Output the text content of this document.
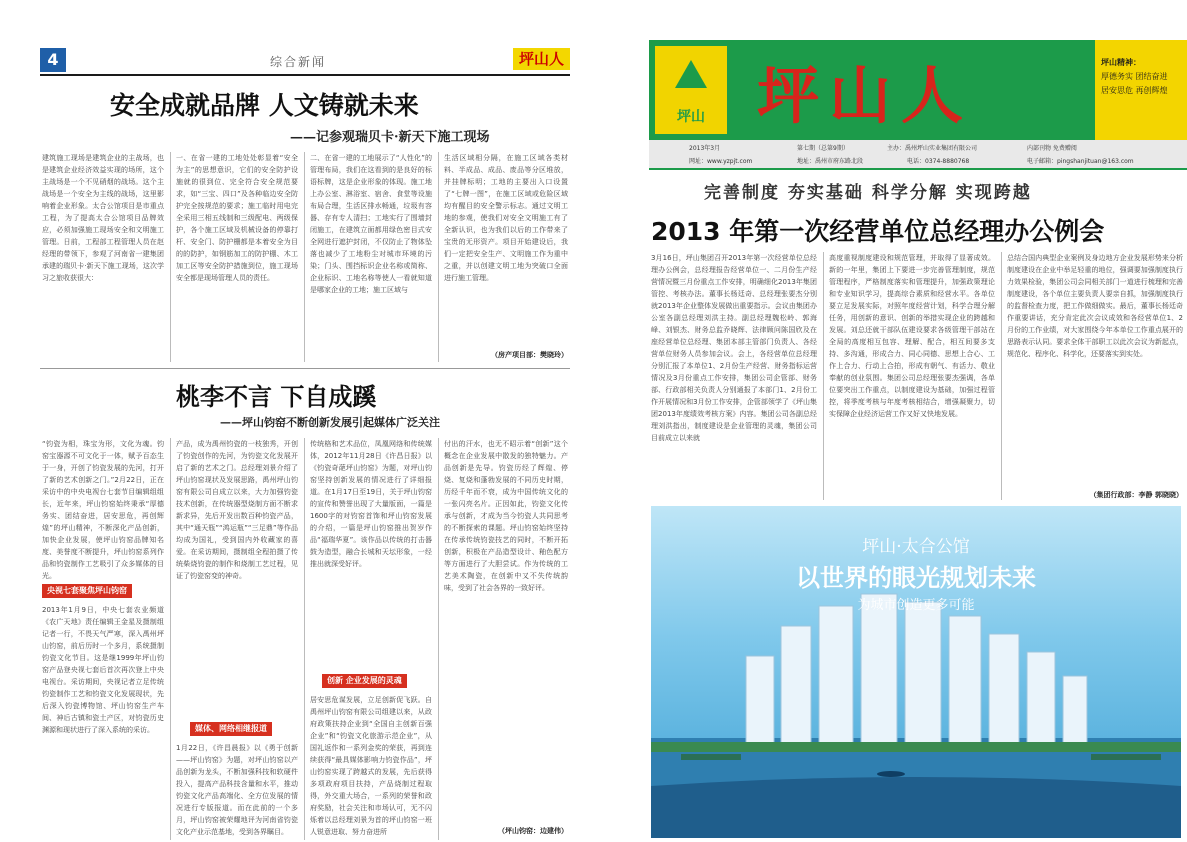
4	综合新闻	坪山人
安全成就品牌 人文铸就未来
——记参观瑞贝卡·新天下施工现场
建筑施工现场是建筑企业的主战场，也是建筑企业经济效益实现的场所，这个主战场是一个不见硝烟的战场。这个主战场是一个安全为主线的战场，这里影响着企业形象。太合公馆项目是市重点工程，为了提高太合公馆项目品牌效应，必须加强施工现场安全和文明施工管理。日前，工程部工程管理人员在赵经理的带领下，参观了河南省一建集团承建的瑞贝卡·新天下施工现场，这次学习之旅收获很大：
一、在省一建的工地处处彰显着“安全为主”的思想意识，它们的安全防护设施就的很到位、完全符合安全规范要求，如“三宝、四口”及各种临边安全防护完全按规范的要求；施工临时用电完全采用三相五线制和三级配电、两级保护，各个施工区域及机械设备的停靠打杆、安全门、防护栅都是本着安全为目的的防护，如钢筋加工的防护棚、木工加工区等安全防护措施到位，施工现场安全都是现场管理人员的责任。
二、在省一建的工地展示了“人性化”的管理布局，我们在这看到的是良好的标语标牌，这是企业形象的体现。施工地上办公室、淋浴室、宿舍、食堂等设施布局合理，生活区排水畅通，垃圾有容器、存有专人清扫；工地实行了围墙封闭施工，在建筑立面都用绿色密目式安全网进行遮护封闭，不仅防止了物体坠落也减少了工地粉尘对城市环境的污染；门头、围挡标识企业名称或简称、企业标识、工地名称等使人一看就知道是哪家企业的工地；施工区域与
生活区域相分隔，在施工区域各类材料、半成品、成品、废品等分区堆放，并挂牌标明；工地的主要出入口设置了“七牌一图”，在施工区域或危险区域均有醒目的安全警示标志。通过文明工地的参观，使我们对安全文明施工有了全新认识，也为我们以后的工作带来了宝贵的无形资产。项目开始建设后，我们一定把安全生产、文明施工作为重中之重，并以创建文明工地为突破口全面进行施工管理。
（房产项目部：樊晓玲）
桃李不言 下自成蹊
——坪山钧窑不断创新发展引起媒体广泛关注
“钧瓷为相，珠宝为形，文化为魂。钧窑宝器源不可文化于一体，赋予百态生于一身，开创了钧瓷发展的先河，打开了新的艺术创新之门。”2月22日，正在采访中的中央电视台七套节目编辑组组长，近年来，坪山钧窑始终秉承“厚德务实、团结奋进，居安思危，再创辉煌”的坪山精神，不断深化产品创新，加快企业发展，使坪山钧窑品牌知名度、美誉度不断提升，坪山钧窑系列作品和钧瓷制作工艺吸引了众多媒体的目光。
央视七套聚焦坪山钧窑
2013年1月9日，中央七套农业频道《农广天地》责任编辑王金星及摄制组记者一行，不畏天气严寒，深入禹州坪山钧窑，前后历时一个多月，系统摄制钧瓷文化节目。这是继1999年坪山钧窑产品登央视七套后首次再次登上中央电视台。采访期间，央视记者立足传统钧瓷制作工艺和钧瓷文化发展现状，先后深入钧瓷博物馆、坪山钧窑生产车间、神后古镇和瓷土产区，对钧瓷历史渊源和现状进行了深入系统的采访。
产品，成为禹州钧瓷的一枝独秀，开创了钧瓷创作的先河，为钧瓷文化发展开启了新的艺术之门。总经理刘景介绍了坪山钧窑现状及发展思路，禹州坪山钧窑有限公司自成立以来，大力加强钧瓷技术创新，在传统器型烧制方面不断求新求异，先后开发出数百种钧瓷产品，其中“通天瓶”“鸿运瓶”“三足鼎”等作品均成为国礼，受到国内外收藏家的喜爱。在采访期间，摄制组全程拍摄了传统柴烧钧瓷的制作和烧制工艺过程，见证了钧瓷窑变的神奇。
媒体、网络相继报道
1月22日，《许昌晨报》以《勇于创新——坪山钧窑》为题，对坪山钧窑以产品创新为龙头，不断加强科技和软硬件投入，提高产品科技含量和水平，推动钧瓷文化产品高端化、全方位发展的情况进行专版报道。而在此前的一个多月，坪山钧窑被荣耀地评为河南省钧瓷文化产业示范基地，受到各界瞩目。
传统格和艺术品位，凤凰网络和传统媒体，2012年11月28日《许昌日报》以《钧瓷奇葩坪山钧窑》为题，对坪山钧窑坚持创新发展的情况进行了详细报道。在1月17日至19日，关于坪山钧窑的宣传和赞誉出现了大量版面，一篇是1600字的对钧窑首饰和坪山钧窑发展的介绍，一篇是坪山钧窑推出贺岁作品“福瑞华夏”。该作品以传统的打击器鼓为造型，融合长城和天坛形象，一经推出就深受好评。
创新 企业发展的灵魂
居安思危谋发展，立足创新促飞跃。自禹州坪山钧窑有限公司组建以来，从政府政策扶持企业到“全国自主创新百强企业”和“钧瓷文化旅游示范企业”，从国礼返作和一系列金奖的荣获，再到连续获得“最具媒体影响力钧瓷作品”，坪山钧窑实现了跨越式的发展，先后获得多项政府项目扶持，产品烧制过程取得，外交重大场合，一系列的荣誉和政府奖励，社会关注和市场认可，无不闪烁着以总经理刘景为首的坪山钧窑一班人锐意进取、努力奋进所
付出的汗水，也无不昭示着“创新”这个概念在企业发展中散发的独特魅力。产品创新是先导。钧瓷历经了辉煌、停烧、复烧和蓬勃发展的不同历史时期，历经千年而不衰，成为中国传统文化的一张闪亮名片。正因如此，钧瓷文化传承与创新，才成为当今钧瓷人共同思考的不断探索的课题。坪山钧窑始终坚持在传承传统钧瓷技艺的同时，不断开拓创新，积极在产品造型设计、釉色配方等方面进行了大胆尝试。作为传统的工艺美术陶瓷，在创新中又不失传统韵味，受到了社会各界的一致好评。
（坪山钧窑：边建伟）
坪山 坪山人	坪山精神：
厚德务实 团结奋进
居安思危 再创辉煌
2013年3月	第七期（总第9期）	主办：禹州坪山实业集团有限公司	内部刊物 免费赠阅
网址：www.yzpjt.com	地址：禹州市府东路北段	电话：0374-8880768	电子邮箱：pingshanjituan@163.com
完善制度 夯实基础 科学分解 实现跨越
2013 年第一次经营单位总经理办公例会
3月16日，坪山集团召开2013年第一次经营单位总经理办公例会，总经理报告经营单位一、二月份生产经营情况暨三月份重点工作安排，明确细化2013年集团管控、考核办法。董事长杨廷奇、总经理张要杰分别就2013年企业整体发展做出重要指示。会议由集团办公室各副总经理刘洪主持。副总经理魏松岭、郭海峰、刘银杰、财务总监乔晓辉、法律顾问陈国欣及在座经营单位总经理、集团本部主管部门负责人、各经营单位财务人员参加会议。会上，各经营单位总经理分别汇报了本单位1、2月份生产经营、财务指标运营情况及3月份重点工作安排，集团公司企管部、财务部、行政部相关负责人分别通报了本部门1、2月份工作开展情况和3月份工作安排，企管部领学了《坪山集团2013年度绩效考核方案》内容。集团公司各副总经理刘洪指出，制度建设是企业管理的灵魂，集团公司目前成立以来就
高度重视制度建设和规范管理，并取得了显著成效。新的一年里，集团上下要进一步完善管理制度，规范管理程序，严格制度落实和管理提升，加强政策理论和专业知识学习，提高综合素质和经营水平。各单位要立足发展实际，对照年度经营计划，科学合理分解任务，用创新的意识、创新的举措实现企业的跨越和发展。刘总还就干部队伍建设要求各级管理干部站在全局的高度相互包容、理解、配合，相互间要多支持、多沟通，形成合力、同心同德、思想上合心、工作上合力、行动上合拍，形成有朝气、有活力、敬业奉献的创业氛围。集团公司总经理张要杰强调，各单位要突出工作重点，以制度建设为基础，加强过程管控，将季度考核与年度考核相结合，增强凝聚力，切实保障企业经济运营工作又好又快地发展。
总结合国内典型企业案例及身边地方企业发展形势来分析制度建设在企业中举足轻重的地位，强调要加强制度执行力效果检验，集团公司会同相关部门一道进行梳理和完善制度建设，各个单位主要负责人要亲自抓，加强制度执行的监督检查力度，把工作做细做实。最后，董事长杨廷奇作重要讲话，充分肯定此次会议成效和各经营单位1、2月份的工作业绩，对大家围绕今年本单位工作重点展开的思路表示认同。要求全体干部职工以此次会议为新起点，规范化、程序化、科学化，还要落实到实处。
（集团行政部：李静 郭晓晓）
坪山·太合公馆
以世界的眼光规划未来
为城市创造更多可能
